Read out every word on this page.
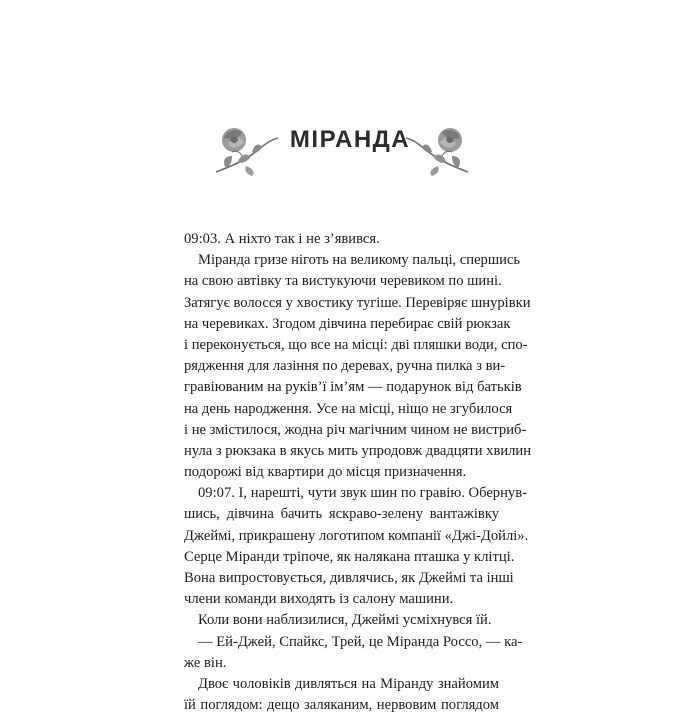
МІРАНДА
09:03. А ніхто так і не з’явився.
Міранда гризе ніготь на великому пальці, спершись
на свою автівку та вистукуючи черевиком по шині.
Затягує волосся у хвостику тугіше. Перевіряє шнурівки
на черевиках. Згодом дівчина перебирає свій рюкзак
і переконується, що все на місці: дві пляшки води, спо-
рядження для лазіння по деревах, ручна пилка з ви-
гравіюваним на руків’ї ім’ям — подарунок від батьків
на день народження. Усе на місці, ніщо не згубилося
і не змістилося, жодна річ магічним чином не вистриб-
нула з рюкзака в якусь мить упродовж двадцяти хвилин
подорожі від квартири до місця призначення.
09:07. І, нарешті, чути звук шин по гравію. Обернув-
шись, дівчина бачить яскраво-зелену вантажівку
Джеймі, прикрашену логотипом компанії «Джі-Дойлі».
Серце Міранди тріпоче, як налякана пташка у клітці.
Вона випростовується, дивлячись, як Джеймі та інші
члени команди виходять із салону машини.
Коли вони наблизилися, Джеймі усміхнувся їй.
— Ей-Джей, Спайкс, Трей, це Міранда Россо, — ка-
же він.
Двоє чоловіків дивляться на Міранду знайомим
їй поглядом: дещо заляканим, нервовим поглядом
